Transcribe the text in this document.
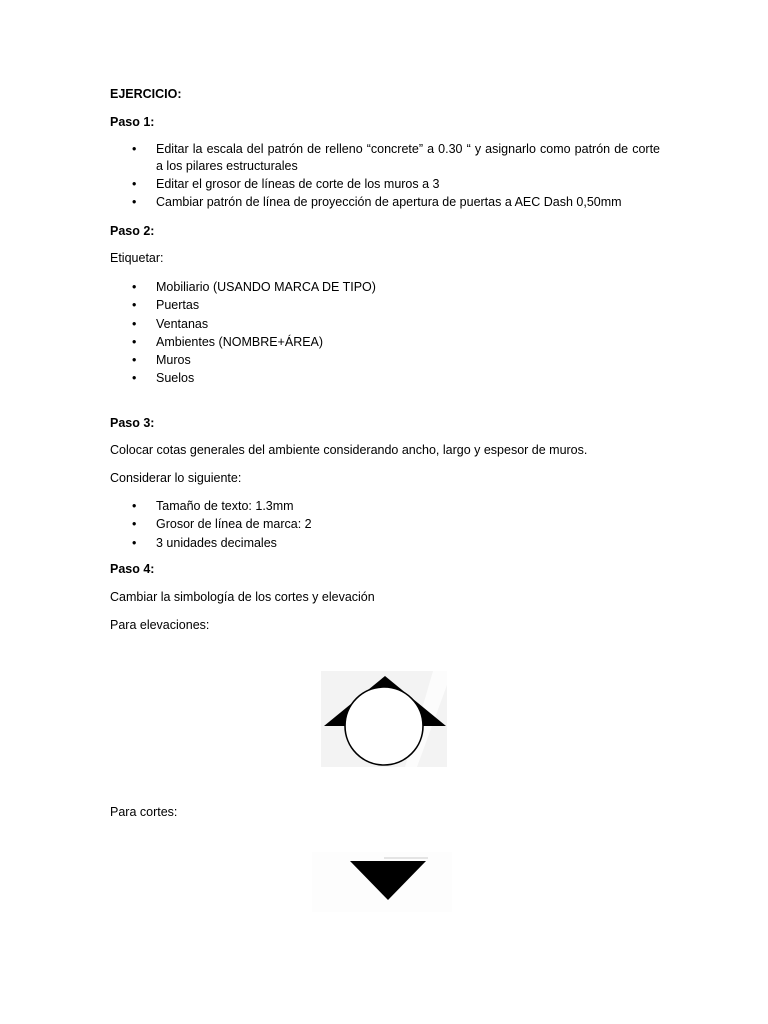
EJERCICIO:

Paso 1:

• Editar la escala del patrón de relleno “concrete” a 0.30 “ y asignarlo como patrón de corte a los pilares estructurales
• Editar el grosor de líneas de corte de los muros a 3
• Cambiar patrón de línea de proyección de apertura de puertas a AEC Dash 0,50mm

Paso 2:

Etiquetar:

• Mobiliario (USANDO MARCA DE TIPO)
• Puertas
• Ventanas
• Ambientes (NOMBRE+ÁREA)
• Muros
• Suelos

Paso 3:

Colocar cotas generales del ambiente considerando ancho, largo y espesor de muros.

Considerar lo siguiente:

• Tamaño de texto: 1.3mm
• Grosor de línea de marca: 2
• 3 unidades decimales

Paso 4:

Cambiar la simbología de los cortes y elevación

Para elevaciones:

Para cortes:
